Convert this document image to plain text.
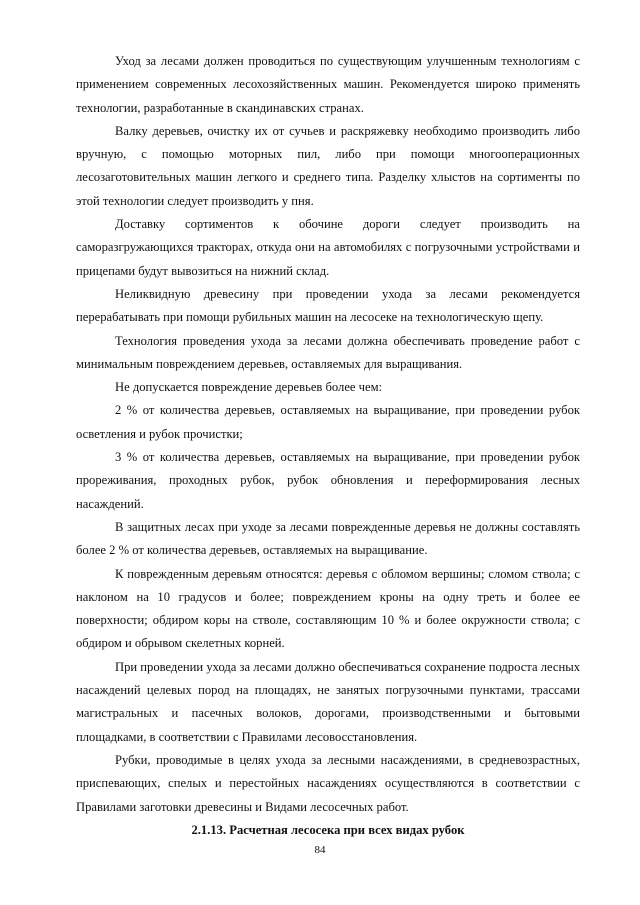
Уход за лесами должен проводиться по существующим улучшенным технологиям с применением современных лесохозяйственных машин. Рекомендуется широко применять технологии, разработанные в скандинавских странах.

Валку деревьев, очистку их от сучьев и раскряжевку необходимо производить либо вручную, с помощью моторных пил, либо при помощи многооперационных лесозаготовительных машин легкого и среднего типа. Разделку хлыстов на сортименты по этой технологии следует производить у пня.

Доставку сортиментов к обочине дороги следует производить на саморазгружающихся тракторах, откуда они на автомобилях с погрузочными устройствами и прицепами будут вывозиться на нижний склад.

Неликвидную древесину при проведении ухода за лесами рекомендуется перерабатывать при помощи рубильных машин на лесосеке на технологическую щепу.

Технология проведения ухода за лесами должна обеспечивать проведение работ с минимальным повреждением деревьев, оставляемых для выращивания.

Не допускается повреждение деревьев более чем:

2 % от количества деревьев, оставляемых на выращивание, при проведении рубок осветления и рубок прочистки;

3 % от количества деревьев, оставляемых на выращивание, при проведении рубок прореживания, проходных рубок, рубок обновления и переформирования лесных насаждений.

В защитных лесах при уходе за лесами поврежденные деревья не должны составлять более 2 % от количества деревьев, оставляемых на выращивание.

К поврежденным деревьям относятся: деревья с обломом вершины; сломом ствола; с наклоном на 10 градусов и более; повреждением кроны на одну треть и более ее поверхности; обдиром коры на стволе, составляющим 10 % и более окружности ствола; с обдиром и обрывом скелетных корней.

При проведении ухода за лесами должно обеспечиваться сохранение подроста лесных насаждений целевых пород на площадях, не занятых погрузочными пунктами, трассами магистральных и пасечных волоков, дорогами, производственными и бытовыми площадками, в соответствии с Правилами лесовосстановления.

Рубки, проводимые в целях ухода за лесными насаждениями, в средневозрастных, приспевающих, спелых и перестойных насаждениях осуществляются в соответствии с Правилами заготовки древесины и Видами лесосечных работ.

2.1.13. Расчетная лесосека при всех видах рубок

84
